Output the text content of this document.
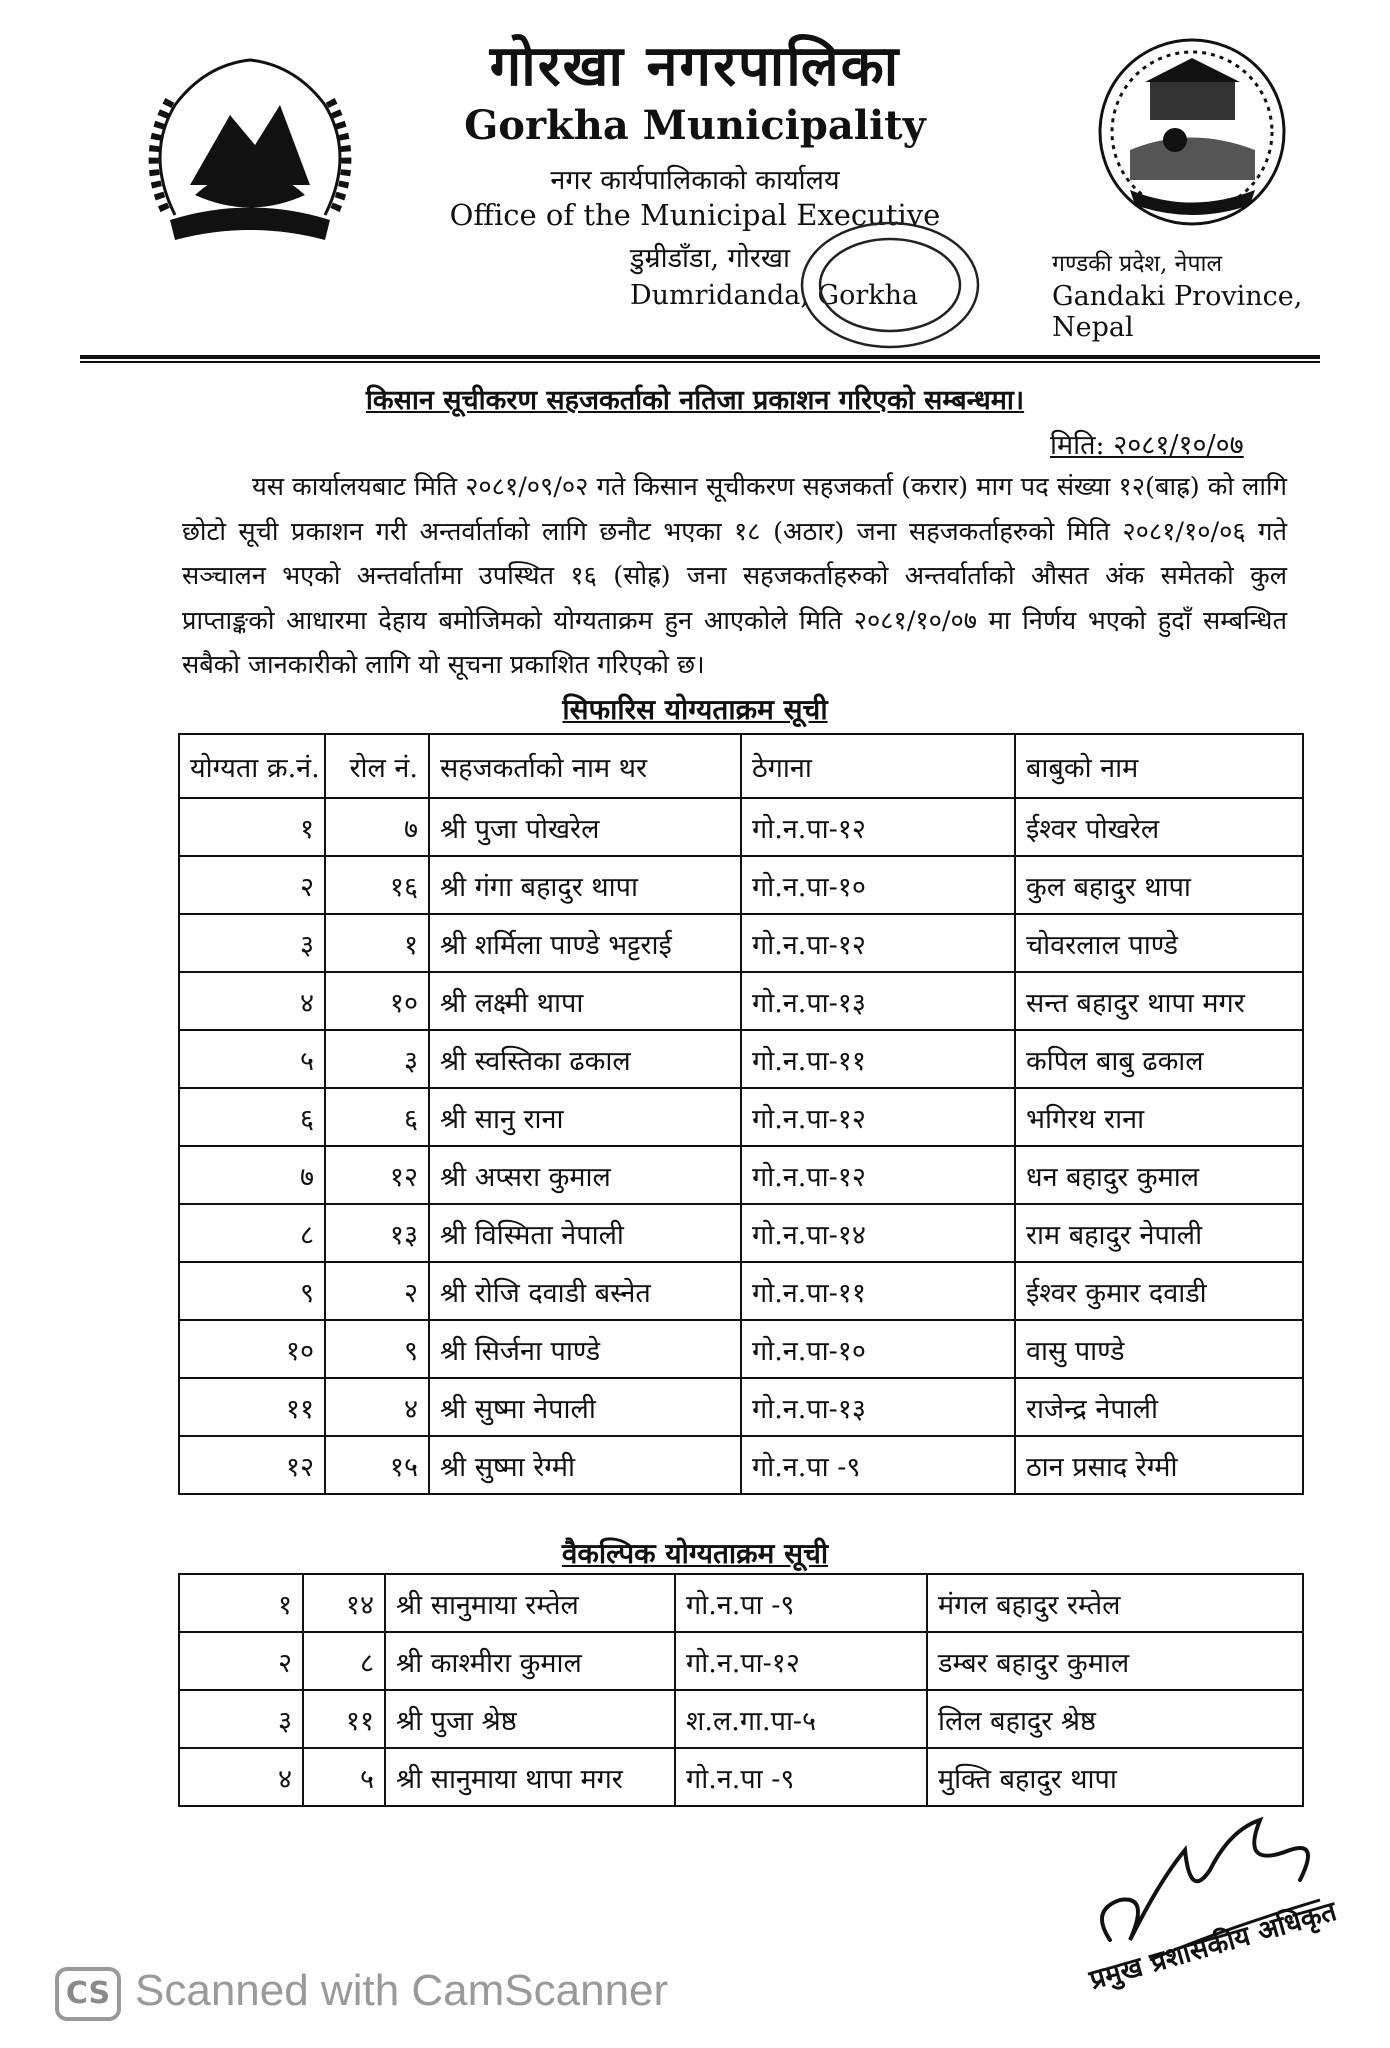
गोरखा नगरपालिका
Gorkha Municipality
नगर कार्यपालिकाको कार्यालय
Office of the Municipal Executive
डुम्रीडाँडा, गोरखा
Dumridanda, Gorkha
गण्डकी प्रदेश, नेपाल
Gandaki Province, Nepal
किसान सूचीकरण सहजकर्ताको नतिजा प्रकाशन गरिएको सम्बन्धमा।
मिति: २०८१/१०/०७
यस कार्यालयबाट मिति २०८१/०९/०२ गते किसान सूचीकरण सहजकर्ता (करार) माग पद संख्या १२(बाह्र) को लागि छोटो सूची प्रकाशन गरी अन्तर्वार्ताको लागि छनौट भएका १८ (अठार) जना सहजकर्ताहरुको मिति २०८१/१०/०६ गते सञ्चालन भएको अन्तर्वार्तामा उपस्थित १६ (सोह्र) जना सहजकर्ताहरुको अन्तर्वार्ताको औसत अंक समेतको कुल प्राप्ताङ्कको आधारमा देहाय बमोजिमको योग्यताक्रम हुन आएकोले मिति २०८१/१०/०७ मा निर्णय भएको हुदाँ सम्बन्धित सबैको जानकारीको लागि यो सूचना प्रकाशित गरिएको छ।
सिफारिस योग्यताक्रम सूची
योग्यता क्र.नं.	रोल नं.	सहजकर्ताको नाम थर	ठेगाना	बाबुको नाम
१	७	श्री पुजा पोखरेल	गो.न.पा-१२	ईश्वर पोखरेल
२	१६	श्री गंगा बहादुर थापा	गो.न.पा-१०	कुल बहादुर थापा
३	१	श्री शर्मिला पाण्डे भट्टराई	गो.न.पा-१२	चोवरलाल पाण्डे
४	१०	श्री लक्ष्मी थापा	गो.न.पा-१३	सन्त बहादुर थापा मगर
५	३	श्री स्वस्तिका ढकाल	गो.न.पा-११	कपिल बाबु ढकाल
६	६	श्री सानु राना	गो.न.पा-१२	भगिरथ राना
७	१२	श्री अप्सरा कुमाल	गो.न.पा-१२	धन बहादुर कुमाल
८	१३	श्री विस्मिता नेपाली	गो.न.पा-१४	राम बहादुर नेपाली
९	२	श्री रोजि दवाडी बस्नेत	गो.न.पा-११	ईश्वर कुमार दवाडी
१०	९	श्री सिर्जना पाण्डे	गो.न.पा-१०	वासु पाण्डे
११	४	श्री सुष्मा नेपाली	गो.न.पा-१३	राजेन्द्र नेपाली
१२	१५	श्री सुष्मा रेग्मी	गो.न.पा -९	ठान प्रसाद रेग्मी
वैकल्पिक योग्यताक्रम सूची
१	१४	श्री सानुमाया रम्तेल	गो.न.पा -९	मंगल बहादुर रम्तेल
२	८	श्री काश्मीरा कुमाल	गो.न.पा-१२	डम्बर बहादुर कुमाल
३	११	श्री पुजा श्रेष्ठ	श.ल.गा.पा-५	लिल बहादुर श्रेष्ठ
४	५	श्री सानुमाया थापा मगर	गो.न.पा -९	मुक्ति बहादुर थापा
प्रमुख प्रशासकीय अधिकृत
CS Scanned with CamScanner
